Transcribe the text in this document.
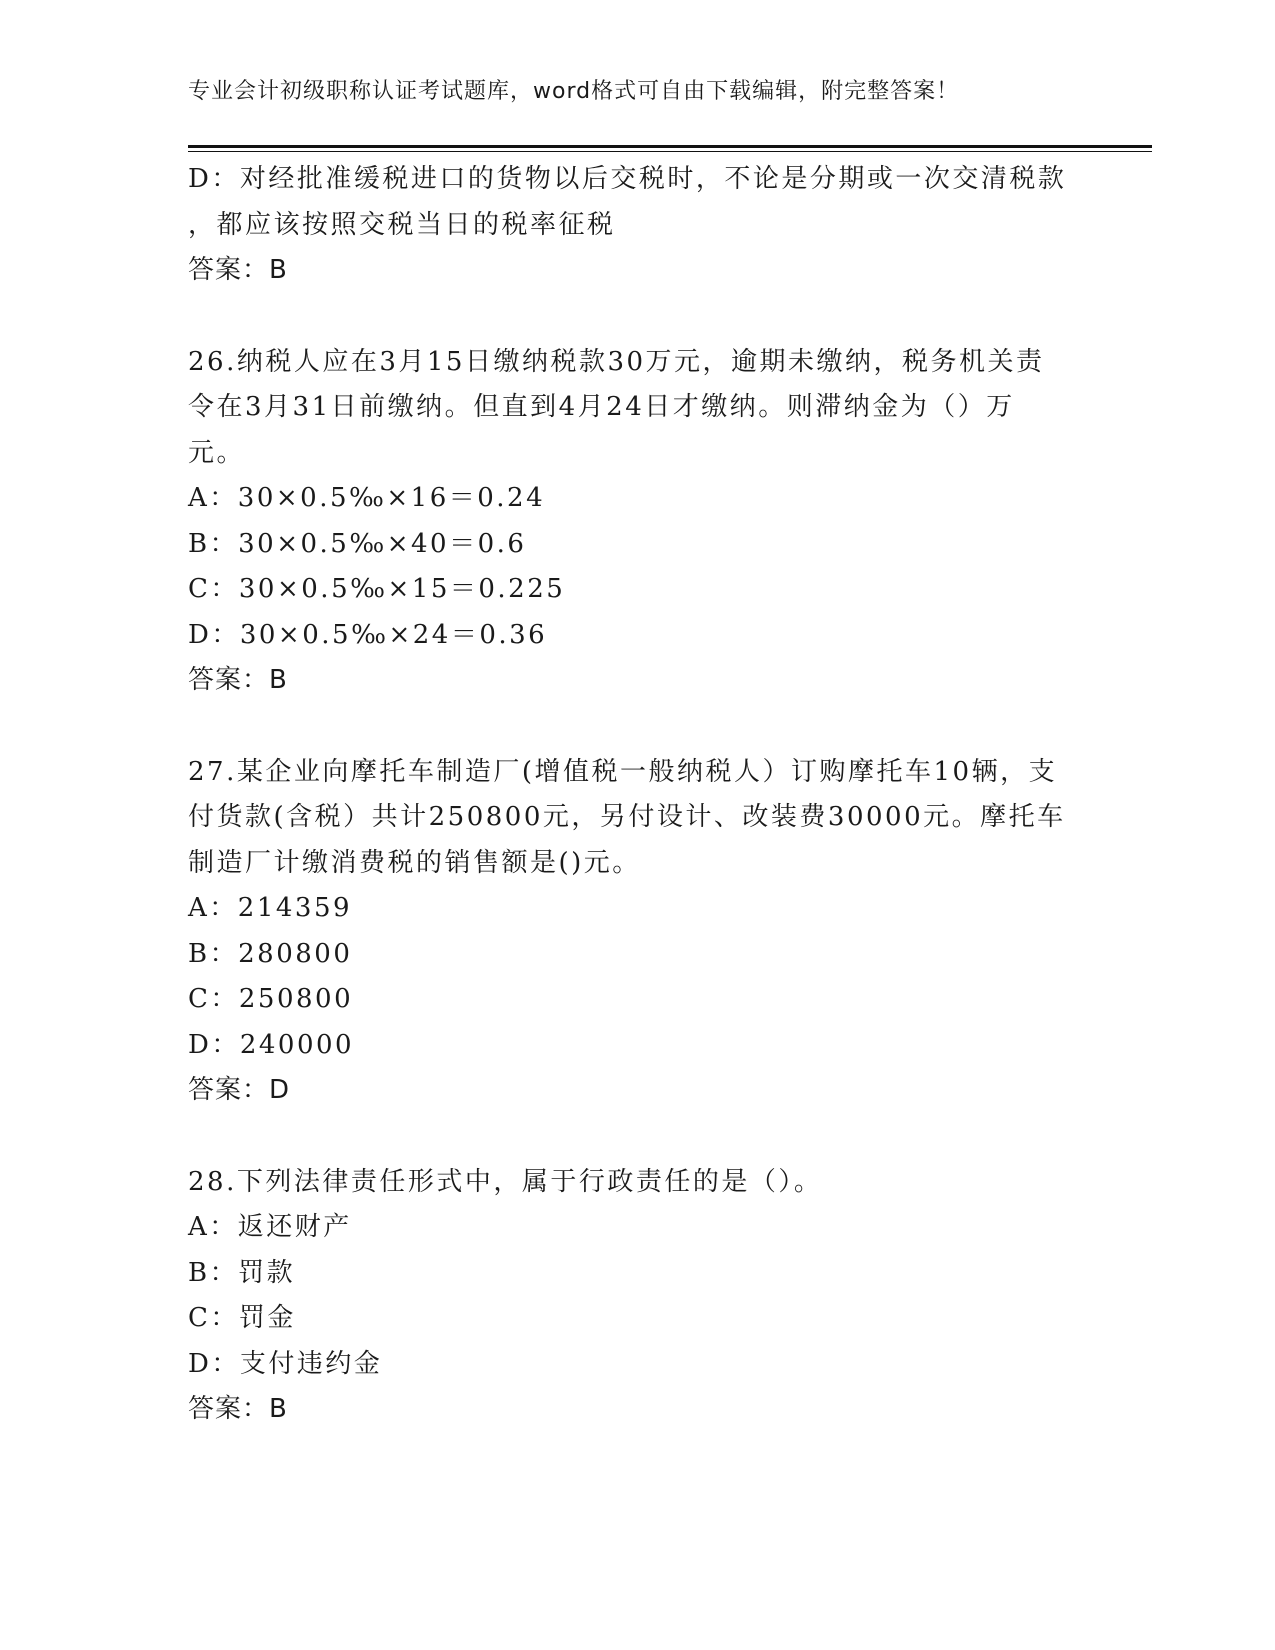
专业会计初级职称认证考试题库，word格式可自由下载编辑，附完整答案！
D：对经批准缓税进口的货物以后交税时，不论是分期或一次交清税款
，都应该按照交税当日的税率征税
答案：B
26.纳税人应在3月15日缴纳税款30万元，逾期未缴纳，税务机关责
令在3月31日前缴纳。但直到4月24日才缴纳。则滞纳金为（）万
元。
A：30×0.5‰×16＝0.24
B：30×0.5‰×40＝0.6
C：30×0.5‰×15＝0.225
D：30×0.5‰×24＝0.36
答案：B
27.某企业向摩托车制造厂(增值税一般纳税人）订购摩托车10辆，支
付货款(含税）共计250800元，另付设计、改装费30000元。摩托车
制造厂计缴消费税的销售额是()元。
A：214359
B：280800
C：250800
D：240000
答案：D
28.下列法律责任形式中，属于行政责任的是（）。
A：返还财产
B：罚款
C：罚金
D：支付违约金
答案：B
